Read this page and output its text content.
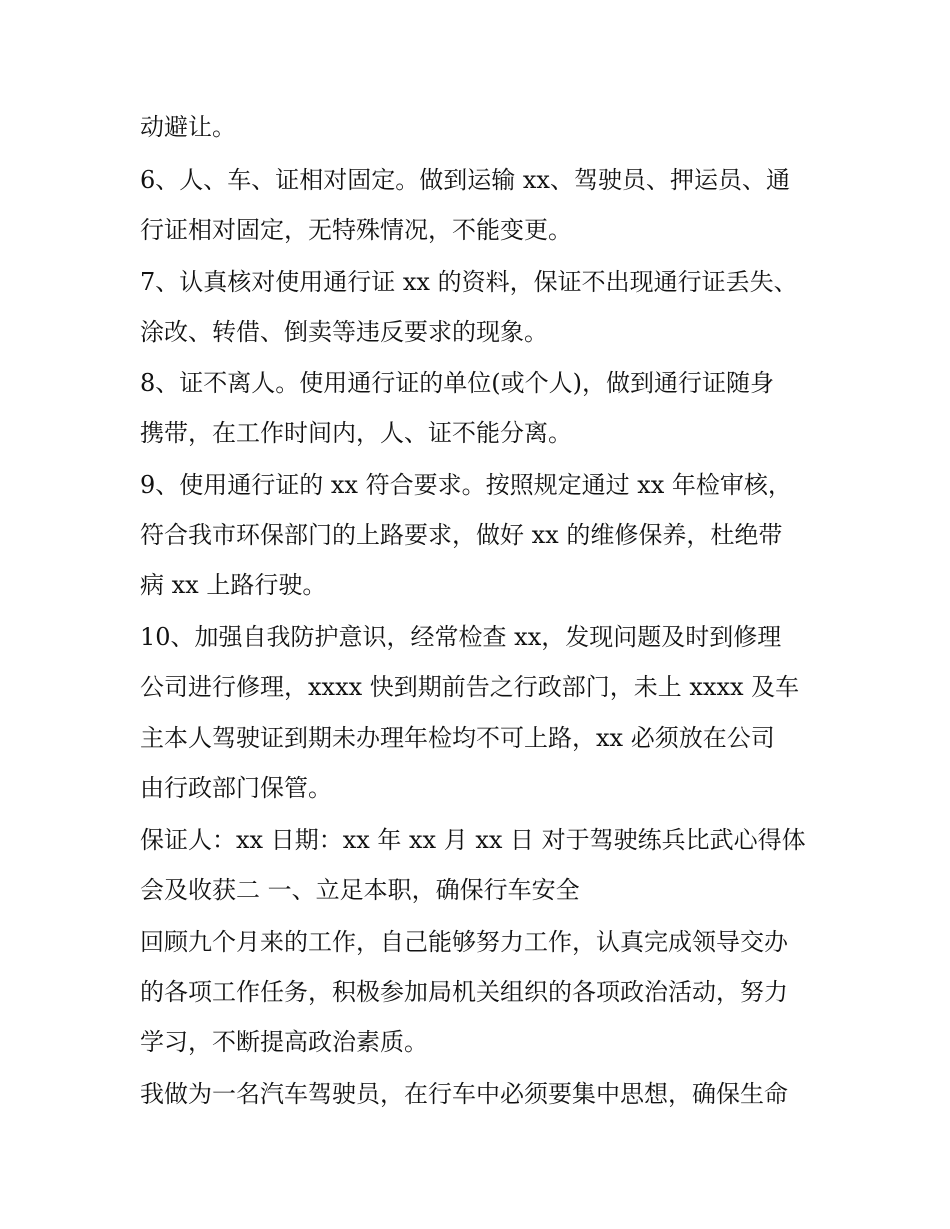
动避让。
6、人、车、证相对固定。做到运输 xx、驾驶员、押运员、通
行证相对固定，无特殊情况，不能变更。
7、认真核对使用通行证 xx 的资料，保证不出现通行证丢失、
涂改、转借、倒卖等违反要求的现象。
8、证不离人。使用通行证的单位(或个人)，做到通行证随身
携带，在工作时间内，人、证不能分离。
9、使用通行证的 xx 符合要求。按照规定通过 xx 年检审核，
符合我市环保部门的上路要求，做好 xx 的维修保养，杜绝带
病 xx 上路行驶。
10、加强自我防护意识，经常检查 xx，发现问题及时到修理
公司进行修理，xxxx 快到期前告之行政部门，未上 xxxx 及车
主本人驾驶证到期未办理年检均不可上路，xx 必须放在公司
由行政部门保管。
保证人：xx 日期：xx 年 xx 月 xx 日 对于驾驶练兵比武心得体
会及收获二 一、立足本职，确保行车安全
回顾九个月来的工作，自己能够努力工作，认真完成领导交办
的各项工作任务，积极参加局机关组织的各项政治活动，努力
学习，不断提高政治素质。
我做为一名汽车驾驶员，在行车中必须要集中思想，确保生命
